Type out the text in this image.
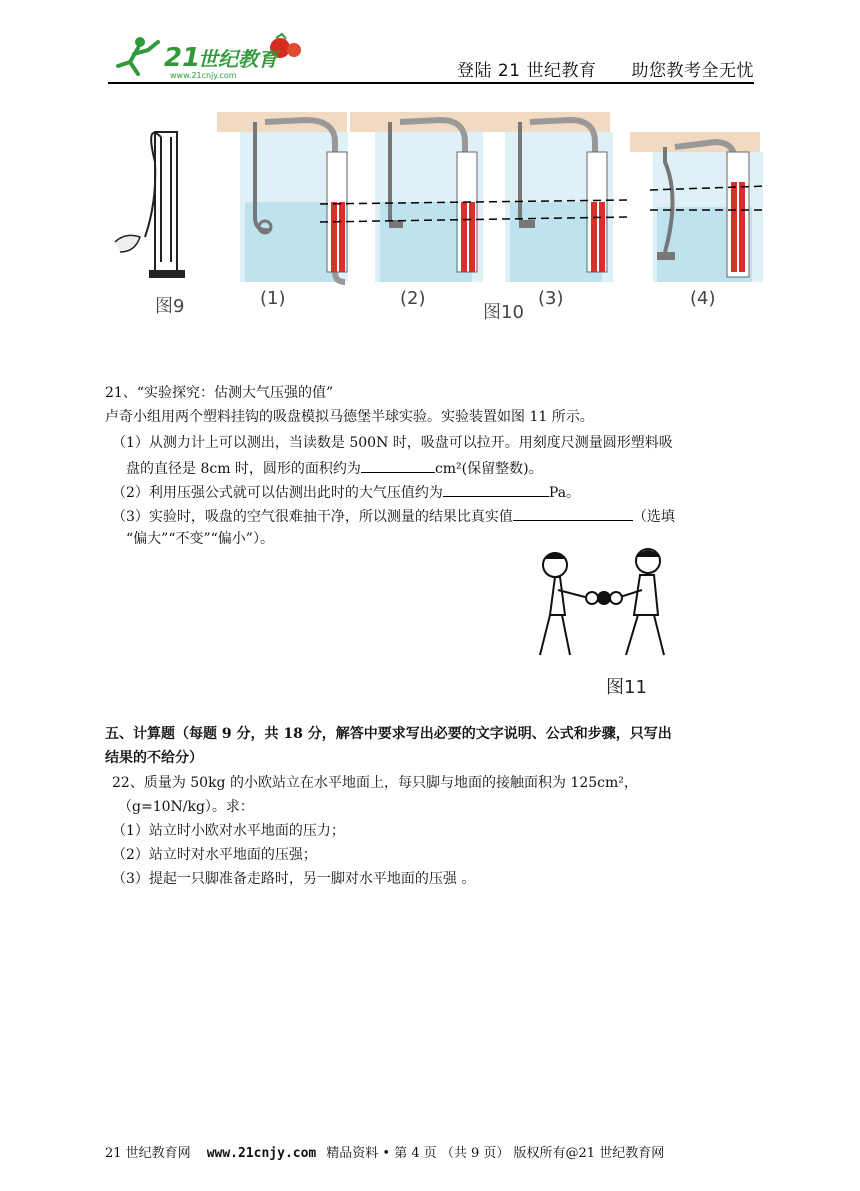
21
世纪教育
www.21cnjy.com	登陆 21 世纪教育　　助您教考全无忧
图9	(1)	(2)
图10
(3)	(4)
21、“实验探究：估测大气压强的值”
卢奇小组用两个塑料挂钩的吸盘模拟马德堡半球实验。实验装置如图 11 所示。
（1）从测力计上可以测出，当读数是 500N 时，吸盘可以拉开。用刻度尺测量圆形塑料吸
盘的直径是 8cm 时，圆形的面积约为	cm²(保留整数)。
（2）利用压强公式就可以估测出此时的大气压值约为	Pa。
（3）实验时，吸盘的空气很难抽干净，所以测量的结果比真实值	（选填
“偏大”“不变”“偏小”）。
图11
五、计算题（每题 9 分，共 18 分，解答中要求写出必要的文字说明、公式和步骤，只写出
结果的不给分）
22、质量为 50kg 的小欧站立在水平地面上，每只脚与地面的接触面积为 125cm²，
（g=10N/kg）。求：
（1）站立时小欧对水平地面的压力；
（2）站立时对水平地面的压强；
（3）提起一只脚准备走路时，另一脚对水平地面的压强 。
21 世纪教育网 www.21cnjy.com 精品资料 • 第 4 页 （共 9 页） 版权所有@21 世纪教育网
